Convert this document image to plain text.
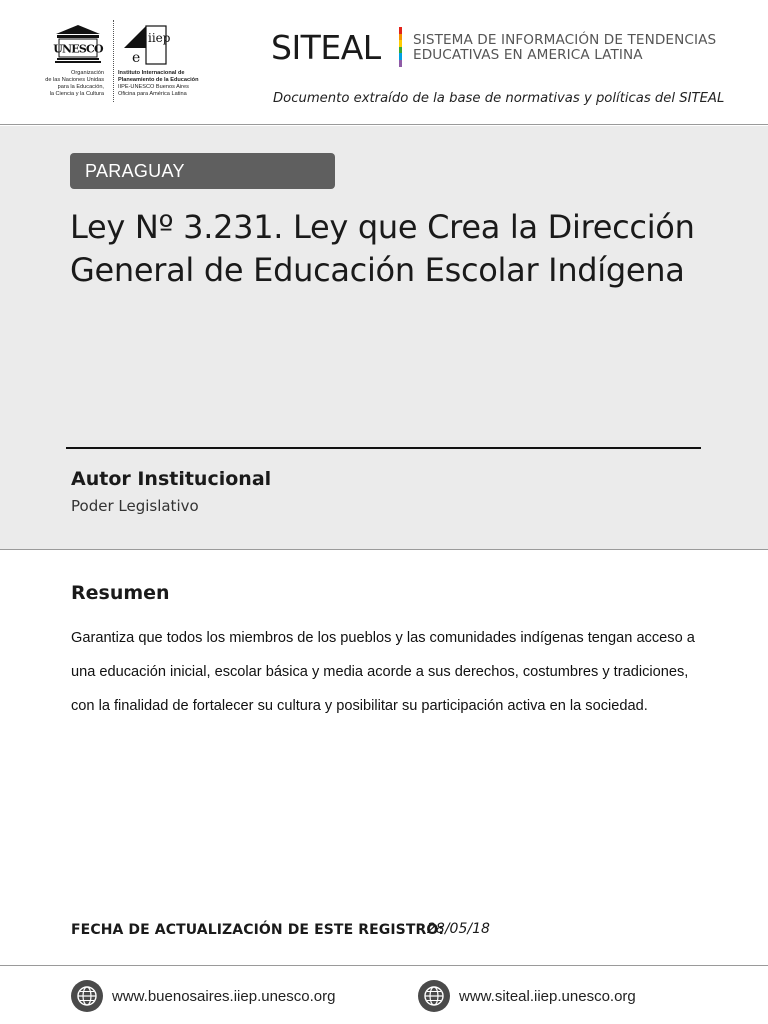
UNESCO
Organización
de las Naciones Unidas
para la Educación,
la Ciencia y la Cultura
iiep
e
Instituto Internacional de
Planeamiento de la Educación
IIPE-UNESCO Buenos Aires
Oficina para América Latina
SITEAL SISTEMA DE INFORMACIÓN DE TENDENCIAS
EDUCATIVAS EN AMERICA LATINA
Documento extraído de la base de normativas y políticas del SITEAL
PARAGUAY
Ley Nº 3.231. Ley que Crea la Dirección General de Educación Escolar Indígena
Autor Institucional
Poder Legislativo
Resumen
Garantiza que todos los miembros de los pueblos y las comunidades indígenas tengan acceso a
una educación inicial, escolar básica y media acorde a sus derechos, costumbres y tradiciones,
con la finalidad de fortalecer su cultura y posibilitar su participación activa en la sociedad.
FECHA DE ACTUALIZACIÓN DE ESTE REGISTRO:
28/05/18
www.buenosaires.iiep.unesco.org	www.siteal.iiep.unesco.org
